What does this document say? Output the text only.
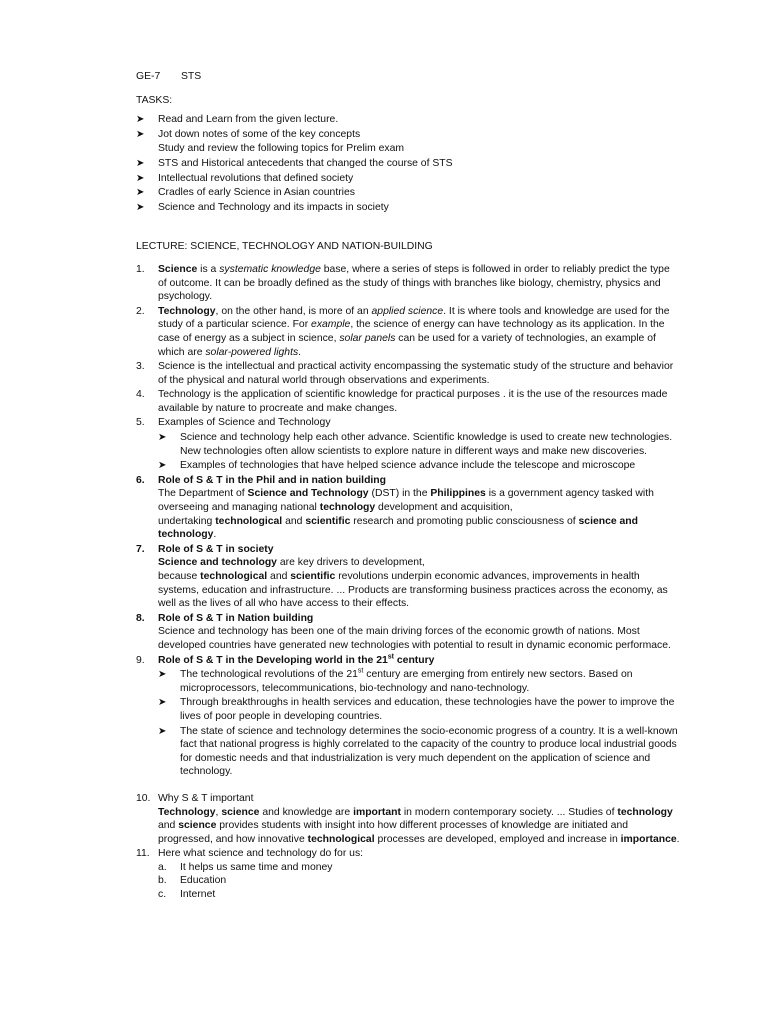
GE-7 STS
TASKS:
➤ Read and Learn from the given lecture.
➤ Jot down notes of some of the key concepts
Study and review the following topics for Prelim exam
➤ STS and Historical antecedents that changed the course of STS
➤ Intellectual revolutions that defined society
➤ Cradles of early Science in Asian countries
➤ Science and Technology and its impacts in society
LECTURE: SCIENCE, TECHNOLOGY AND NATION-BUILDING
1. Science is a systematic knowledge base, where a series of steps is followed in order to reliably predict the type of outcome. It can be broadly defined as the study of things with branches like biology, chemistry, physics and psychology.
2. Technology, on the other hand, is more of an applied science. It is where tools and knowledge are used for the study of a particular science. For example, the science of energy can have technology as its application. In the case of energy as a subject in science, solar panels can be used for a variety of technologies, an example of which are solar-powered lights.
3. Science is the intellectual and practical activity encompassing the systematic study of the structure and behavior of the physical and natural world through observations and experiments.
4. Technology is the application of scientific knowledge for practical purposes . it is the use of the resources made available by nature to procreate and make changes.
5. Examples of Science and Technology
➤ Science and technology help each other advance. Scientific knowledge is used to create new technologies. New technologies often allow scientists to explore nature in different ways and make new discoveries.
➤ Examples of technologies that have helped science advance include the telescope and microscope
6. Role of S & T in the Phil and in nation building
The Department of Science and Technology (DST) in the Philippines is a government agency tasked with overseeing and managing national technology development and acquisition,
undertaking technological and scientific research and promoting public consciousness of science and technology.
7. Role of S & T in society
Science and technology are key drivers to development,
because technological and scientific revolutions underpin economic advances, improvements in health systems, education and infrastructure. ... Products are transforming business practices across the economy, as well as the lives of all who have access to their effects.
8. Role of S & T in Nation building
Science and technology has been one of the main driving forces of the economic growth of nations. Most developed countries have generated new technologies with potential to result in dynamic economic performace.
9. Role of S & T in the Developing world in the 21st century
➤ The technological revolutions of the 21st century are emerging from entirely new sectors. Based on microprocessors, telecommunications, bio-technology and nano-technology.
➤ Through breakthroughs in health services and education, these technologies have the power to improve the lives of poor people in developing countries.
➤ The state of science and technology determines the socio-economic progress of a country. It is a well-known fact that national progress is highly correlated to the capacity of the country to produce local industrial goods for domestic needs and that industrialization is very much dependent on the application of science and technology.
10. Why S & T important
Technology, science and knowledge are important in modern contemporary society. ... Studies of technology and science provides students with insight into how different processes of knowledge are initiated and progressed, and how innovative technological processes are developed, employed and increase in importance.
11. Here what science and technology do for us:
a. It helps us same time and money
b. Education
c. Internet
